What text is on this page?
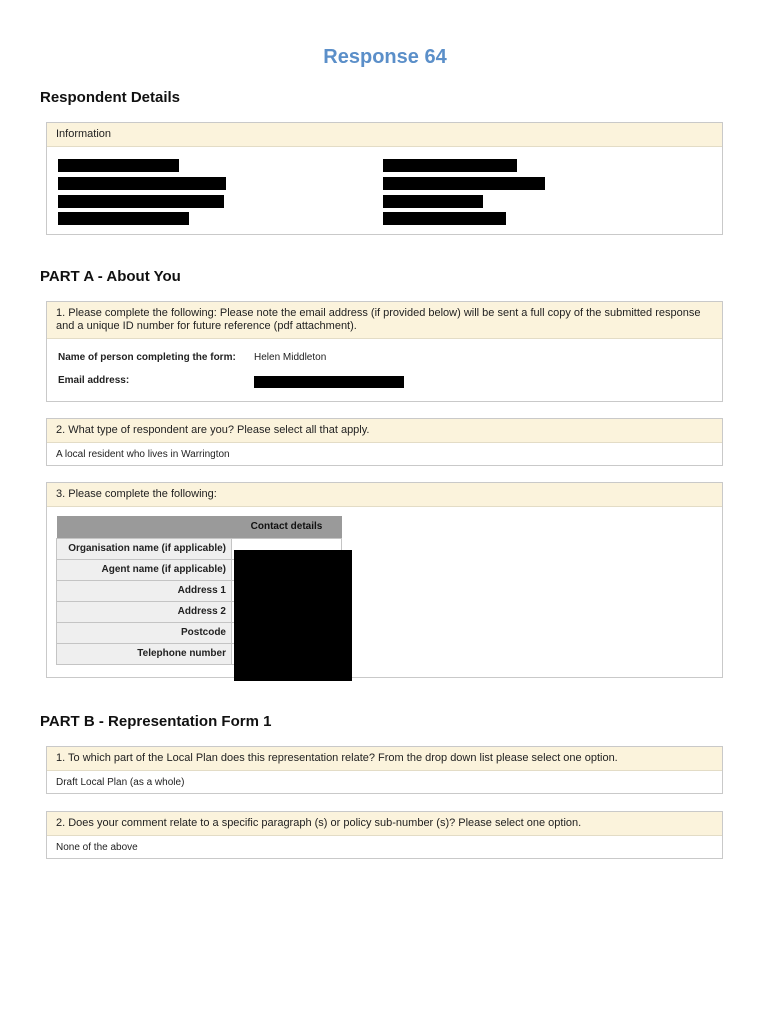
Response 64
Respondent Details
Information
PART A - About You
1. Please complete the following: Please note the email address (if provided below) will be sent a full copy of the submitted response and a unique ID number for future reference (pdf attachment).
Name of person completing the form: Helen Middleton
Email address:
2. What type of respondent are you? Please select all that apply.
A local resident who lives in Warrington
3. Please complete the following:
	Contact details
Organisation name (if applicable)	
Agent name (if applicable)	
Address 1	
Address 2	
Postcode	
Telephone number	
PART B - Representation Form 1
1. To which part of the Local Plan does this representation relate? From the drop down list please select one option.
Draft Local Plan (as a whole)
2. Does your comment relate to a specific paragraph (s) or policy sub-number (s)? Please select one option.
None of the above
